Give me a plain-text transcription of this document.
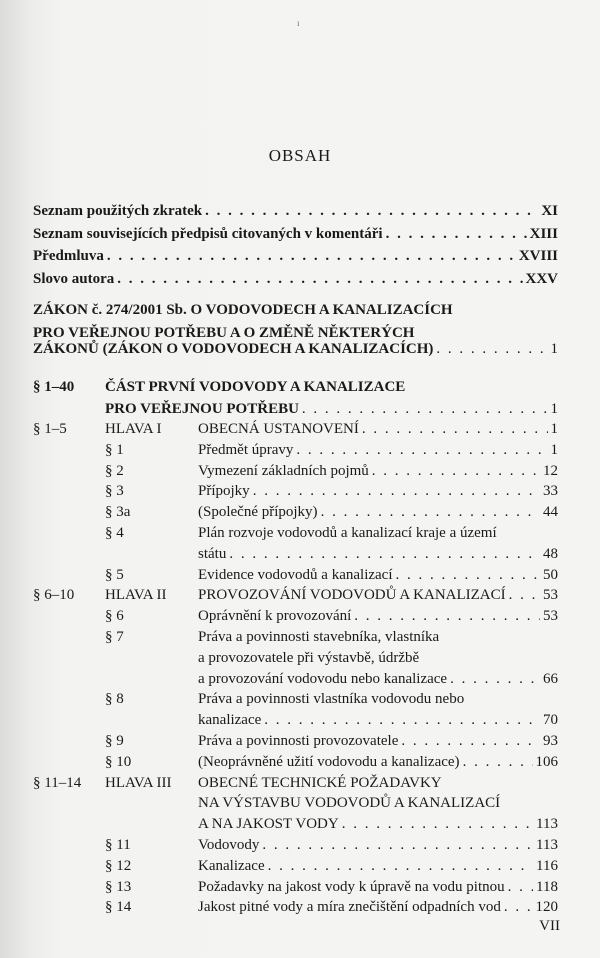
ı
OBSAH
Seznam použitých zkratek . . .	XI
Seznam souvisejících předpisů citovaných v komentáři . . .	XIII
Předmluva . . .	XVIII
Slovo autora . . .	XXV
ZÁKON č. 274/2001 Sb. O VODOVODECH A KANALIZACÍCH
PRO VEŘEJNOU POTŘEBU A O ZMĚNĚ NĚKTERÝCH
ZÁKONŮ (ZÁKON O VODOVODECH A KANALIZACÍCH) . . .	1
§ 1–40 ČÁST PRVNÍ VODOVODY A KANALIZACE
PRO VEŘEJNOU POTŘEBU . . .	1
§ 1–5	HLAVA I OBECNÁ USTANOVENÍ . . .	1
§ 1	Předmět úpravy . . .	1
§ 2	Vymezení základních pojmů . . .	12
§ 3	Přípojky . . .	33
§ 3a	(Společné přípojky) . . .	44
§ 4	Plán rozvoje vodovodů a kanalizací kraje a území
státu . . .	48
§ 5	Evidence vodovodů a kanalizací . . .	50
§ 6–10 HLAVA II PROVOZOVÁNÍ VODOVODŮ A KANALIZACÍ . . . 53
§ 6	Oprávnění k provozování . . .	53
§ 7	Práva a povinnosti stavebníka, vlastníka
a provozovatele při výstavbě, údržbě
a provozování vodovodu nebo kanalizace . . .	66
§ 8	Práva a povinnosti vlastníka vodovodu nebo
kanalizace . . .	70
§ 9	Práva a povinnosti provozovatele . . .	93
§ 10	(Neoprávněné užití vodovodu a kanalizace) . . .	106
§ 11–14 HLAVA III OBECNÉ TECHNICKÉ POŽADAVKY
NA VÝSTAVBU VODOVODŮ A KANALIZACÍ
A NA JAKOST VODY . . .	113
§ 11	Vodovody . . .	113
§ 12	Kanalizace . . .	116
§ 13	Požadavky na jakost vody k úpravě na vodu pitnou . . . 118
§ 14	Jakost pitné vody a míra znečištění odpadních vod . . . 120
VII
